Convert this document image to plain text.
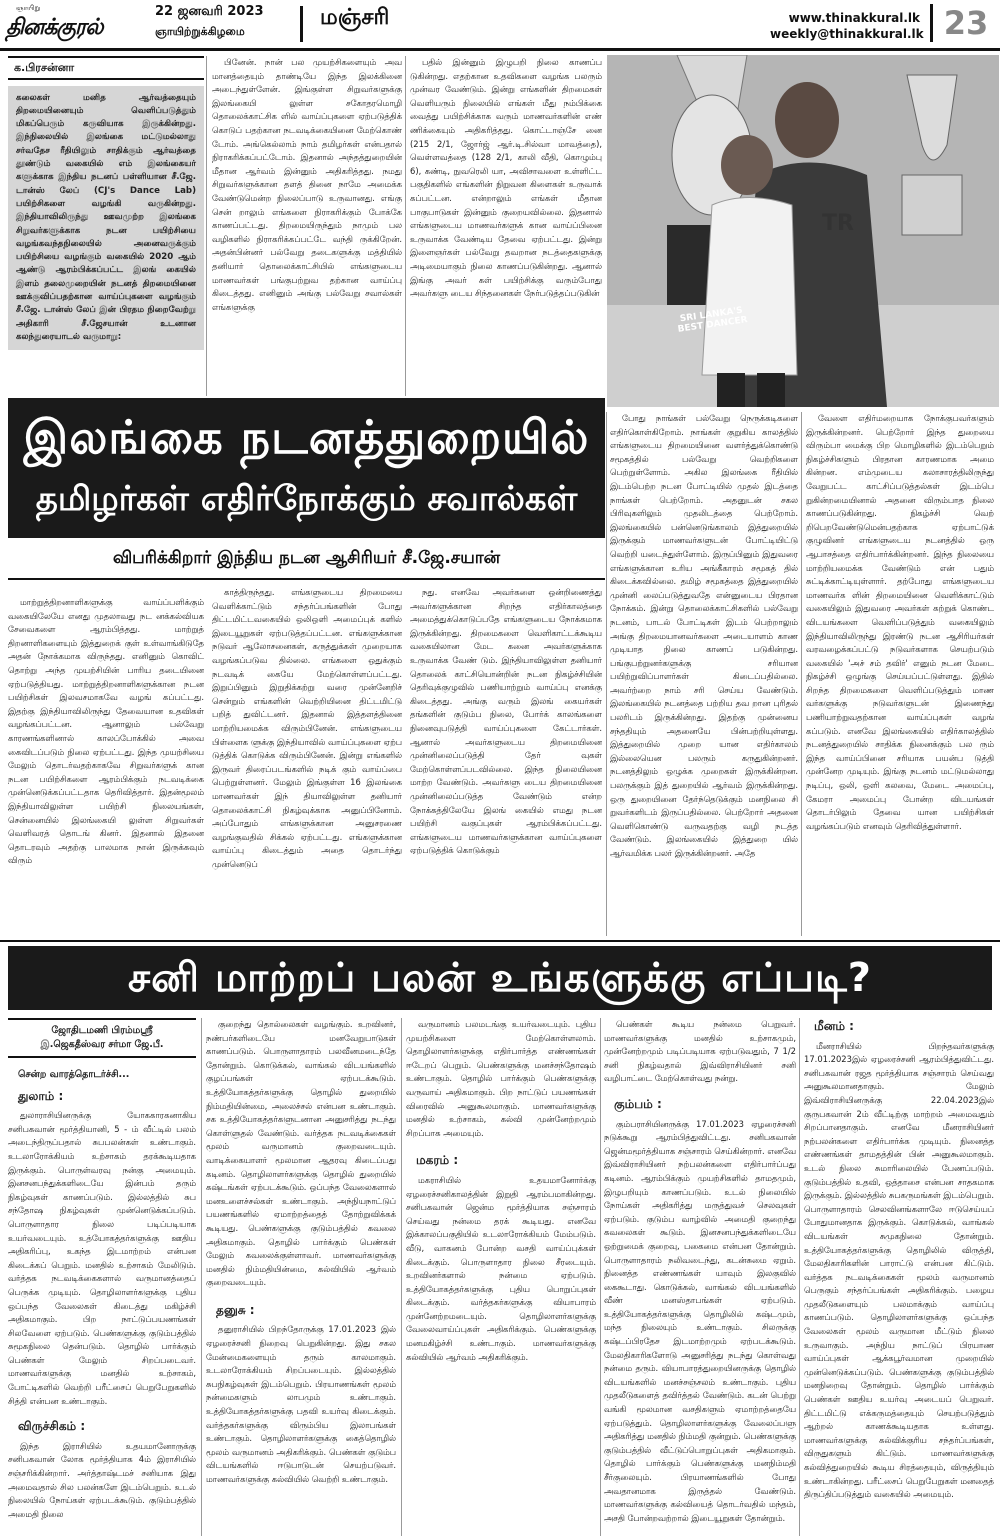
ஞாயிறு
தினக்குரல்
22 ஜனவரி 2023
ஞாயிற்றுக்கிழமை
மஞ்சரி	www.thinakkural.lk
weekly@thinakkural.lk 23
க.பிரசன்னா
கலைகள் மனித ஆர்வத்தையும் திறமையினையும் வெளிப்படுத்தும் மிகப்பெரும் கருவியாக இருக்கின்றது. இந்நிலையில் இலங்கை மட்டுமல்லாது சர்வதேச ரீதியிலும் சாதிக்கும் ஆர்வத்தை தூண்டும் வகையில் எம் இலங்கையர் களுக்காக இந்திய நடனப் பள்ளியான சீ.ஜே. டான்ஸ் லேப் (CJ's Dance Lab) பயிற்சிகளை வழங்கி வருகின்றது. இந்தியாவிலிருந்து ஊவமுற்ற இலங்கை சிறுவர்களுக்காக நடன பயிற்சியை வழங்கவந்தநிலையில் அனைவருக்கும் பயிற்சியை வழங்கும் வகையில் 2020 ஆம் ஆண்டு ஆரம்பிக்கப்பட்ட இலங் கையில் இளம் தலைமுறையின் நடனத் திறமையினை ஊக்குவிப்பதற்கான வாய்ப்புகளை வழங்கும் சீ.ஜே. டான்ஸ் லேப் இன் பிரதம நிறைவேற்று அதிகாரி சீ.ஜேசயான் உடனான கலந்துரையாடல் வருமாறு:

பினேன். நான் பல முயற்சிகளையும் அவ மானத்தையும் தாண்டியே இந்த இலக்கினை அடைந்துள்ளேன். இங்குள்ள சிறுவர்களுக்கு இலங்கையி லுள்ள சகோதரமொழி தொலைக்காட்சிக ளில் வாய்ப்புகளை ஏற்படுத்திக் கொடுப் பதற்கான நடவடிக்கையினை மேற்கொண் டோம். அங்கெல்லாம் நாம் தமிழர்கள் என்பதால் நிராகரிக்கப்பட்டோம். இதனால் அந்தத்துறையின் மீதான ஆர்வம் இன்னும் அதிகரித்தது. நமது சிறுவர்களுக்கான தளத் தினை நாமே அமைக்க வேண்டுமென்ற நிலைப்பாடு உருவானது. எங்கு சென் றாலும் எங்களை நிராகரிக்கும் போக்கே காணப்பட்டது. திறமையிருந்தும் நாமும் பல வழிகளில் நிராகரிக்கப்பட்டே வந்தி ருக்கிறேன். அதன்பின்னர் பல்வேறு தடைகளுக்கு மத்தியில் தனியார் தொலைக்காட்சியில் எங்களுடைய மாணவர்கள் பங்குபற்றுவ தற்கான வாய்ப்பு கிடைத்தது. எனினும் அங்கு பல்வேறு சவால்கள் எங்களுக்கு

பதில் இன்னும் இழுபறி நிலை காணப்ப டுகின்றது. எதற்கான உதவிகளை வழங்க பலரும் முன்வர வேண்டும். இன்று எங்களின் திறமைகள் வெளியரும் நிலையில் எங்கள் மீது நம்பிக்கை வைத்து பயிற்சிக்காக வரும் மாணவர்களின் எண் ணிக்கையும் அதிகரித்தது. கொட்டாஞ்சே னை (215 2/1, ஜோர்ஜ் ஆர்.டி.சில்வா மாவத்தை), வெள்ளவத்தை (128 2/1, காலி வீதி, கொழும்பு 6), கண்டி, நுவரெலி யா, அவிசாவளை உள்ளிட்ட பகுதிகளில் எங்களின் நிறுவன கிளைகள் உருவாக் கப்பட்டன. என்றாலும் எங்கள் மீதான பாகுபாடுகள் இன்னும் குறையவில்லை. இதனால் எங்களுடைய மாணவர்களுக் கான வாய்ப்பினை உருவாக்க வேண்டிய தேவை ஏற்பட்டது. இன்று இளைஞர்கள் பல்வேறு தவறான நடத்தைகளுக்கு அடிமையாகும் நிலை காணப்படுகின்றது. ஆனால் இங்கு அவர் கள் பயிற்சிக்கு வரும்போது அவர்களு டைய சிந்தனைகள் நேர்படுத்தப்படுகின்

TR
SRI LANKA'S BEST DANCER
இலங்கை நடனத்துறையில்
தமிழர்கள் எதிர்நோக்கும் சவால்கள்
விபரிக்கிறார் இந்திய நடன ஆசிரியர் சீ.ஜே.சயான்

மாற்றுத்திறனாளிகளுக்கு வாய்ப்பளிக்கும் வகையிலேயே எனது முதலாவது நட னக்கல்வியக சேவைகளை ஆரம்பித்தது. மாற்றுத் திறனாளிகளையும் இத்துறைக் குள் உள்வாங்கிடுதே அதன் நோக்கமாக விருந்தது. எனினும் கொவிட் தொற்று அந்த முயற்சியின் பாரிய தடையினை ஏற்படுத்தியது. மாற்றுத்திறனாளிகளுக்கான நடன பயிற்சிகள் இலவசமாகவே வழங் கப்பட்டது. இதற்கு இந்தியாவிலிருந்து தேவையான உதவிகள் வழங்கப்பட்டன. ஆனாலும் பல்வேறு காரணங்களினால் காலப்போக்கில் அவை கைவிடப்படும் நிலை ஏற்பட்டது. இந்த முயற்சியை மேலும் தொடர்வதற்காகவே சிறுவர்களுக் கான நடன பயிற்சிகளை ஆரம்பிக்கும் நடவடிக்கை முன்னெடுக்கப்பட்டதாக தெரிவித்தார். இதன்மூலம் இந்தியாவிலுள்ள பயிற்சி நிலையங்கள், சென்னையில் இலங்கையி லுள்ள சிறுவர்கள் வெளிவரத் தொடங் கினர். இதனால் இதனை தொடரவும் அதற்கு பாலமாக நான் இருக்கவும் விரும்

காத்திருந்தது. எங்களுடைய திறமையை வெளிக்காட்டும் சந்தர்ப்பங்களின் போது திட்டமிட்டவகையில் ஒலிஒளி அமைப்புக் களில் இடையூறுகள் ஏற்படுத்தப்பட்டன. எங்களுக்கான நடுவர் ஆலோசனைகள், கருத்துக்கள் முறையாக வழங்கப்படுவ தில்லை. எங்களை ஒதுக்கும் நடவடிக் கையே மேற்கொள்ளப்பட்டது. இறுப்பினும் இறுதிக்கற்று வரை முன்னேறிச் சென்றும் எங்களின் வெற்றியினை திட்டமிட்டு பறித் துவிட்டனர். இதனால் இத்தளத்தினை மாற்றியமைக்க விரும்பினேன். எங்களுடைய பிள்ளைக ளுக்கு இந்தியாவில் வாய்ப்புகளை ஏற்ப டுத்திக் கொடுக்க விரும்பினேன். இன்று எங்களில் இருவர் திரைப்படங்களில் நடிக் கும் வாய்ப்பை பெற்றுள்ளனர். மேலும் இங்குள்ள 16 இலங்கை மாணவர்கள் இந் தியாவிலுள்ள தனியார் தொலைக்காட்சி நிகழ்வுக்காக அனுப்பினோம். அப்போதும் எங்களுக்கான அனுசரணை வழங்குவதில் சிக்கல் ஏற்பட்டது. எங்களுக்கான வாய்ப்பு கிடைத்தும் அதை தொடர்ந்து முன்னெடுப்

நது. எனவே அவர்களை ஒன்றிணைத்து அவர்களுக்கான சிறந்த எதிர்காலத்தை அமைத்துக்கொடுப்பதே எங்களுடைய நோக்கமாக இருக்கின்றது. திறமைகளை வெளிகாட்டக்கூடிய வகையிலான மேட கனை அவர்களுக்காக உருவாக்க வேண் டும். இந்தியாவிலுள்ள தனியார் தொலைக் காட்சியொன்றின் நடன நிகழ்ச்சியின் தெரிவுக்குழுவில் பணியாற்றும் வாய்ப்பு எனக்கு கிடைத்தது. அங்கு வரும் இலங் கையர்கள் தங்களின் குடும்ப நிலை, போர்க் காலங்களை நினைவுபடுத்தி வாய்ப்புகளை கேட்டார்கள். ஆனால் அவர்களுடைய திறமையினை முன்னிலைப்படுத்தி தேர் வுகள் மேற்கொள்ளப்படவில்லை. இந்த நிலையினை மாற்ற வேண்டும். அவர்களு டைய திறமையினை முன்னிலைப்படுத்த வேண்டும் என்ற நோக்கத்திலேயே இலங் கையில் எமது நடன பயிற்சி வகுப்புகள் ஆரம்பிக்கப்பட்டது. எங்களுடைய மாணவர்களுக்கான வாய்ப்புகளை ஏற்படுத்திக் கொடுக்கும்

போது நாங்கள் பல்வேறு நெருக்கடிகளை எதிர்கொள்கிறோம். நாங்கள் குறுகிய காலத்தில் எங்களுடைய திறமையினை வளர்த்துக்கொண்டு சமூகத்தில் பல்வேறு வெற்றிகளை பெற்றுள்ளோம். அகில இலங்கை ரீதியில் இடம்பெற்ற நடன போட்டியில் முதல் இடத்தை நாங்கள் பெற்றோம். அதனுடன் சகல பிரிவுகளிலும் முதலிடத்தை பெற்றோம். இலங்கையில் பன்னெடுங்காலம் இத்துறையில் இருக்கும் மாணவர்களுடன் போட்டியிட்டு வெற்றி யடைந்துள்ளோம். இருப்பினும் இதுவரை எங்களுக்கான உரிய அங்கீகாரம் சமூகத் தில் கிடைக்கவில்லை. தமிழ் சமூகத்தை இத்துறையில் முன்னி லைப்படுத்துவதே என்னுடைய பிரதான நோக்கம். இன்று தொலைக்காட்சிகளில் பல்வேறு நடனம், பாடல் போட்டிகள் இடம் பெற்றாலும் அங்கு திறமையானவர்களை அடையாளம் காண முடியாத நிலை காணப் படுகின்றது. பங்குபற்றுனர்களுக்கு சரியான பயிற்றுவிப்பாளர்கள் கிடைப்பதில்லை. அவர்ற்றை நாம் சரி செய்ய வேண்டும். இலங்கையில் நடனத்தை பற்றிய தவ றான புரிதல் பலரிடம் இருக்கின்றது. இதற்கு முன்னைய சந்ததியும் அதனையே பின்பற்றியுள்ளது. இத்துறையில் முறை யான எதிர்காலம் இல்லையென பலரும் கருதுகின்றனர். நடனத்திலும் ஒழுக்க முறைகள் இருக்கின்றன. பலருக்கும் இத் துறையில் ஆர்வம் இருக்கின்றது. ஒரு துறையினை தேர்ந்தெடுக்கும் மனநிலை சி றுவர்களிடம் இருப்பதில்லை. பெற்றோர் அதனை வெளிகொண்டு வருவதற்கு வழி நடத்த வேண்டும். இலங்கையில் இத்துறை யில் ஆர்வமிக்க பலர் இருக்கின்றனர். அதே

வேளை எதிர்மறையாக நோக்குபவர்களும் இருக்கின்றனர். பெற்றோர் இந்த துறையை விரும்பா மைக்கு பிற மொழிகளில் இடம்பெறும் நிகழ்ச்சிகளும் பிரதான காரணமாக அமை கின்றன. எம்முடைய கலாசாரத்திலிருந்து வேறுபட்ட காட்சிப்படுத்தல்கள் இடம்பெ றுகின்றமையினால் அதனை விரும்பாத நிலை காணப்படுகின்றது. நிகழ்ச்சி வெற் றிபெறவேண்டுமென்பதற்காக ஏற்பாட்டுக் குழுவினர் எங்களுடைய நடனத்தில் ஒரு ஆபாசத்தை எதிர்பார்க்கின்றனர். இந்த நிலையை மாற்றியமைக்க வேண்டும் என் பதும் சுட்டிக்காட்டியுள்ளார். தற்போது எங்களுடைய மாணவர்க ளின் திறமையினை வெளிக்காட்டும் வகையிலும் இதுவரை அவர்கள் கற்றுக் கொண்ட விடயங்களை வெளிப்படுத்தும் வகையிலும் இந்தியாவிலிருந்து இரண்டு நடன ஆசிரியர்கள் வரவழைக்கப்பட்டு நடுவர்களாக செயற்படும் வகையில் 'அச் சம் தவிர்' எனும் நடன மேடை நிகழ்ச்சி ஒழுங்கு செய்யப்பட்டுள்ளது. இதில் சிறந்த திறமைகளை வெளிப்படுத்தும் மாண வர்களுக்கு நடுவர்களுடன் இணைந்து பணியாற்றுவதற்கான வாய்ப்புகள் வழங் கப்படும். எனவே இலங்கையில் எதிர்காலத்தில் நடனத்துறையில் சாதிக்க நினைக்கும் பல ரும் இந்த வாய்ப்பினை சரியாக பயன்ப டுத்தி முன்னேற முடியும். இங்கு நடனம் மட்டுமல்லாது நடிப்பு, ஒலி, ஒளி கலவை, மேடை அமைப்பு, கேமரா அமைப்பு போன்ற விடயங்கள் தொடர்பிலும் தேவை யான பயிற்சிகள் வழங்கப்படும் எனவும் தெரிவித்துள்ளார்.

சனி மாற்றப் பலன் உங்களுக்கு எப்படி?
ஜோதிடமணி பிரம்மஸ்ரீ
இ.ஜெகதீஸ்வர சர்மா ஜே.பீ.
சென்ற வாரத்தொடர்ச்சி...
துலாம் :

துலாராசியினருக்கு யோககாரகனாகிய சனிபகவான் மூர்த்தியானி, 5 - ம் வீட்டில் பலம் அடைந்திருப்பதால் சுபபலன்கள் உண்டாகும். உடலாரோக்கியம் உற்சாகம் தரக்கூடியதாக இருக்கும். பொருள்வரவு நன்கு அமையும். இனசனபந்துக்களிடையே இன்பம் தரும் நிகழ்வுகள் காணப்படும். இல்லத்தில் சுப சந்தோஷ நிகழ்வுகள் முன்னெடுக்கப்படும். பொருளாதார நிலை படிப்படியாக உயர்வடையும். உத்யோகத்தர்களுக்கு ஊதிய அதிகரிப்பு, உகந்த இடமாற்றம் என்பன கிடைக்கப் பெறும். மனதில் உற்சாகம் மேலிடும். வர்த்தக நடவடிக்கைகளால் வருமானத்தைப் பெருக்க முடியும். தொழிலாளர்களுக்கு புதிய ஒப்பந்த வேலைகள் கிடைத்து மகிழ்ச்சி அதிகமாகும். பிற நாட்டுப்பயணங்கள் சிலவேளை ஏற்படும். பெண்களுக்கு குடும்பத்தில் சுமூகநிலை தென்படும். தொழில் பார்க்கும் பெண்கள் மேலும் சிறப்படைவர். மாணவர்களுக்கு மனதில் உற்சாகம், போட்டிகளில் வெற்றி பரீட்சைப் பெறுபேறுகளில் சித்தி என்பன உண்டாகும்.

விருச்சிகம் :

இந்த இராசியில் உதயமானோருக்கு சனிபகவான் லோக மூர்த்தியாக 4ம் இராசியில் சஞ்சரிக்கின்றார். அர்த்தாஷ்டமச் சனியாக இது அமைவதால் சில பலன்களே இடம்பெறும். உடல் நிலையில் நோய்கள் ஏற்படக்கூடும். குடும்பத்தில் அமைதி நிலை

குறைந்து தொல்லைகள் வழங்கும். உறவினர், நண்பர்களிடையே மனவேறுபாடுகள் காணப்படும். பொருளாதாரம் பலவீனமடைந்தே தோன்றும். கொடுக்கல், வாங்கல் விடயங்களில் குழப்பங்கள் ஏற்படக்கூடும். உத்தியோகத்தர்களுக்கு தொழில் துறையில் நிம்மதியின்மை, அலைச்சல் என்பன உண்டாகும். சக உத்தியோகத்தர்களுடனான அனுசரித்து நடந்து கொள்ளுதல் வேண்டும். வர்த்தக நடவடிக்கைகள் மூலம் வருமானம் குறைவடையும். வாடிக்கையாளர் மூலமான ஆதரவு கிடைப்பது கடினம். தொழிலாளர்களுக்கு தொழில் துறையில் கஷ்டங்கள் ஏற்படக்கூடும். ஒப்பந்த வேலைகளால் மனஉளைச்சல்கள் உண்டாகும். அந்நியநாட்டுப் பயணங்களில் ஏமாற்றத்தைத் தோற்றுவிக்கக் கூடியது. பெண்களுக்கு குடும்பத்தில் கவலை அதிகமாகும். தொழில் பார்க்கும் பெண்கள் மேலும் கவலைக்குள்ளாவர். மாணவர்களுக்கு மனதில் நிம்மதியின்மை, கல்வியில் ஆர்வம் குறைவடையும்.

தனுசு :

தனுராசியில் பிறந்தோருக்கு 17.01.2023 இல் ஏழரைச்சனி நிறைவு பெறுகின்றது. இது சகல மேன்மைகளையும் தரும் காலமாகும். உடலாரோக்கியம் சிறப்படையும். இல்லத்தில் சுபநிகழ்வுகள் இடம்பெறும். பிரயாணங்கள் மூலம் நன்மைகளும் லாபமும் உண்டாகும். உத்தியோகத்தர்களுக்கு பதவி உயர்வு கிடைக்கும். வர்த்தகர்களுக்கு விரும்பிய இலாபங்கள் உண்டாகும். தொழிலாளர்களுக்கு கைத்தொழில் மூலம் வருமானம் அதிகரிக்கும். பெண்கள் குடும்ப விடயங்களில் ஈடுபாடுடன் செயற்படுவர். மாணவர்களுக்கு கல்வியில் வெற்றி உண்டாகும்.

வருமானம் பலமடங்கு உயர்வடையும். புதிய முயற்சிகளை மேற்கொள்ளலாம். தொழிலாளர்களுக்கு எதிர்பார்த்த எண்ணங்கள் ஈடேறப் பெறும். பெண்களுக்கு மனச்சந்தோஷம் உண்டாகும். தொழில் பார்க்கும் பெண்களுக்கு வருவாய் அதிகமாகும். பிற நாட்டுப் பயணங்கள் விரைவில் அனுகூலமாகும். மாணவர்களுக்கு மனதில் உற்சாகம், கல்வி முன்னேற்றமும் சிறப்பாக அமையும்.

மகரம் :

மகராசியில் உதயமானோர்க்கு ஏழரைச்சனிகாலத்தின் இறுதி ஆரம்பமாகின்றது. சனிபகவான் ஜென்ம மூர்த்தியாக சஞ்சாரம் செய்வது நன்மை தரக் கூடியது. எனவே இக்காலப்பகுதியில் உடலாரோக்கியம் மேம்படும். வீடு, வாகனம் போன்ற வசதி வாய்ப்புக்கள் கிடைக்கும். பொருளாதார நிலை சீரடையும். உறவினர்களால் நன்மை ஏற்படும். உத்தியோகத்தர்களுக்கு புதிய பொறுப்புகள் கிடைக்கும். வர்த்தகர்களுக்கு வியாபாரம் முன்னேற்றமடையும். தொழிலாளர்களுக்கு வேலைவாய்ப்புகள் அதிகரிக்கும். பெண்களுக்கு மனமகிழ்ச்சி உண்டாகும். மாணவர்களுக்கு கல்வியில் ஆர்வம் அதிகரிக்கும்.

பெண்கள் கூடிய நன்மை பெறுவர். மாணவர்களுக்கு மனதில் உற்சாகமும், முன்னேற்றமும் படிப்படியாக ஏற்படுவதும், 7 1/2 சனி நிகழ்வதால் இவ்விராசியினர் சனி வழிபாட்டை மேற்கொள்வது நன்று.

கும்பம் :

கும்பராசியினருக்கு 17.01.2023 ஏழரைச்சனி நடுக்கூறு ஆரம்பித்துவிட்டது. சனிபகவான் ஜென்மமூர்த்தியாக சஞ்சாரம் செய்கின்றார். எனவே இவ்விராசியினர் நற்பலன்களை எதிர்பார்ப்பது கடினம். ஆரம்பிக்கும் முயற்சிகளில் தாமதமும், இழுபறியும் காணப்படும். உடல் நிலையில் நோய்கள் அதிகரித்து மருத்துவச் செலவுகள் ஏற்படும். குடும்ப வாழ்வில் அமைதி குறைந்து கவலைகள் கூடும். இனசனபந்துக்களிடையே ஒற்றுமைக் குறைவு, பகைமை என்பன தோன்றும். பொருளாதாரம் நலிவடைந்து, கடன்சுமை ஏறும். நினைத்த எண்ணங்கள் யாவும் இலகுவில் கைகூடாது. கொடுக்கல், வாங்கல் விடயங்களில் வீண் மனஸ்தாபங்கள் ஏற்படும். உத்தியோகத்தர்களுக்கு தொழிலில் கஷ்டமும், மந்த நிலையும் உண்டாகும். சிலருக்கு கஷ்டப்பிரதேச இடமாற்றமும் ஏற்படக்கூடும். மேலதிகாரிகளோடு அனுசரித்து நடந்து கொள்வது நன்மை தரும். வியாபாரத்துறையினருக்கு தொழில் விடயங்களில் மனச்சஞ்சலம் உண்டாகும். புதிய முதலீடுகளைத் தவிர்த்தல் வேண்டும். கடன் பெற்று வங்கி மூலமான வசதிகளும் ஏமாற்றத்தையே ஏற்படுத்தும். தொழிலாளர்களுக்கு வேலைப்பளு அதிகரித்து மனதில் நிம்மதி குன்றும். பெண்களுக்கு குடும்பத்தில் வீட்டுப்பொறுப்புகள் அதிகமாகும். தொழில் பார்க்கும் பெண்களுக்கு மனநிம்மதி சீர்குலையும். பிரயாணங்களில் போது அவதானமாக இருத்தல் வேண்டும். மாணவர்களுக்கு கல்வியைத் தொடர்வதில் மந்தம், அசதி போன்றவற்றால் இடையூறுகள் தோன்றும்.

மீனம் :

மீனராசியில் பிறந்தவர்களுக்கு 17.01.2023இல் ஏழரைச்சனி ஆரம்பித்துவிட்டது. சனிபகவான் ரஜத மூர்த்தியாக சஞ்சாரம் செய்வது அனுகூலமானதாகும். மேலும் இவ்விராசியினருக்கு 22.04.2023இல் குருபகவான் 2ம் வீட்டிற்கு மாற்றம் அமைவதும் சிறப்பானதாகும். எனவே மீனராசியினர் நற்பலன்களை எதிர்பார்க்க முடியும். நினைத்த எண்ணங்கள் தாமதத்தின் பின் அனுகூலமாகும். உடல் நிலை சுமாரிலையில் பேணப்படும். குடும்பத்தில் உதவி, ஒத்தாசை என்பன சாதகமாக இருக்கும். இல்லத்தில் சுபகருமங்கள் இடம்பெறும். பொருளாதாரம் செலவினங்களாலே ஈடுசெய்யப் போதுமானதாக இருக்கும். கொடுக்கல், வாங்கல் விடயங்கள் சுமுகநிலை தோன்றும். உத்தியோகத்தர்களுக்கு தொழிலில் விருத்தி, மேலதிகாரிகளின் பாராட்டு என்பன கிட்டும். வர்த்தக நடவடிக்கைகள் மூலம் வருமானம் பெருகும் சந்தர்ப்பங்கள் அதிகரிக்கும். பழைய முதலீடுகளையும் பலமாக்கும் வாய்ப்பு காணப்படும். தொழிலாளர்களுக்கு ஒப்பந்த வேலைகள் மூலம் வருமான மீட்டும் நிலை உருவாகும். அந்நிய நாட்டுப் பிரயாண வாய்ப்புகள் ஆக்கபூர்வமான முறையில் முன்னெடுக்கப்படும். பெண்களுக்கு குடும்பத்தில் மனநிறைவு தோன்றும். தொழில் பார்க்கும் பெண்கள் ஊதிய உயர்வு அடையப் பெறுவர். திட்டமிட்டு எக்கருமத்தையும் செயற்படுத்தும் ஆற்றல் காணக்கூடியதாக உள்ளது. மாணவர்களுக்கு கல்விக்குரிய சந்தர்ப்பங்கள், விருதுகளும் கிட்டும். மாணவர்களுக்கு கல்வித்துறையில் கூடிய சிரத்தையும், விருத்தியும் உண்டாகின்றது. பரீட்சைப் பெறுபேறுகள் மனதைத் திருப்திப்படுத்தும் வகையில் அமையும்.
